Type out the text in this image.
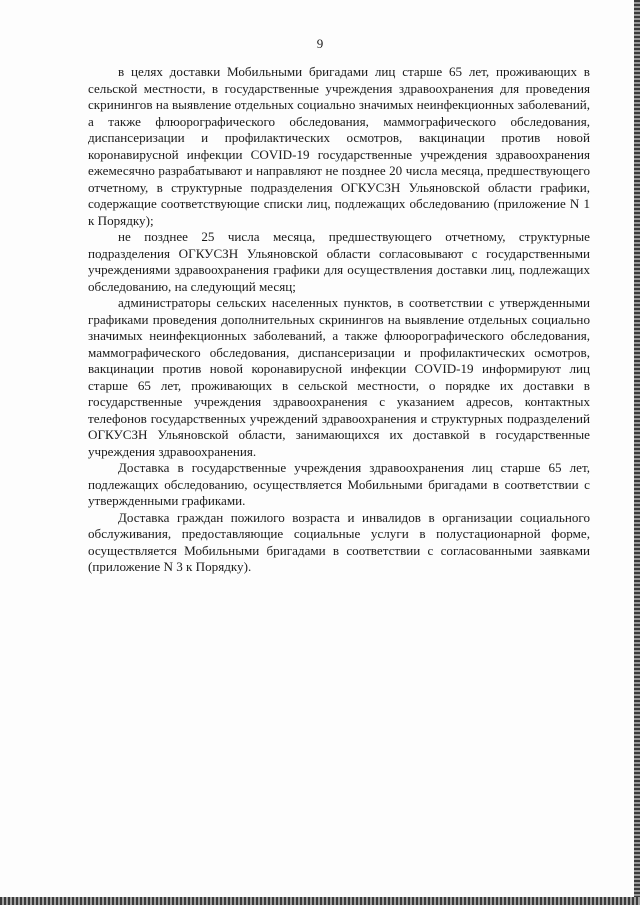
9

в целях доставки Мобильными бригадами лиц старше 65 лет, проживающих в сельской местности, в государственные учреждения здравоохранения для проведения скринингов на выявление отдельных социально значимых неинфекционных заболеваний, а также флюорографического обследования, маммографического обследования, диспансеризации и профилактических осмотров, вакцинации против новой коронавирусной инфекции COVID-19 государственные учреждения здравоохранения ежемесячно разрабатывают и направляют не позднее 20 числа месяца, предшествующего отчетному, в структурные подразделения ОГКУСЗН Ульяновской области графики, содержащие соответствующие списки лиц, подлежащих обследованию (приложение N 1 к Порядку);

не позднее 25 числа месяца, предшествующего отчетному, структурные подразделения ОГКУСЗН Ульяновской области согласовывают с государственными учреждениями здравоохранения графики для осуществления доставки лиц, подлежащих обследованию, на следующий месяц;

администраторы сельских населенных пунктов, в соответствии с утвержденными графиками проведения дополнительных скринингов на выявление отдельных социально значимых неинфекционных заболеваний, а также флюорографического обследования, маммографического обследования, диспансеризации и профилактических осмотров, вакцинации против новой коронавирусной инфекции COVID-19 информируют лиц старше 65 лет, проживающих в сельской местности, о порядке их доставки в государственные учреждения здравоохранения с указанием адресов, контактных телефонов государственных учреждений здравоохранения и структурных подразделений ОГКУСЗН Ульяновской области, занимающихся их доставкой в государственные учреждения здравоохранения.

Доставка в государственные учреждения здравоохранения лиц старше 65 лет, подлежащих обследованию, осуществляется Мобильными бригадами в соответствии с утвержденными графиками.

Доставка граждан пожилого возраста и инвалидов в организации социального обслуживания, предоставляющие социальные услуги в полустационарной форме, осуществляется Мобильными бригадами в соответствии с согласованными заявками (приложение N 3 к Порядку).
